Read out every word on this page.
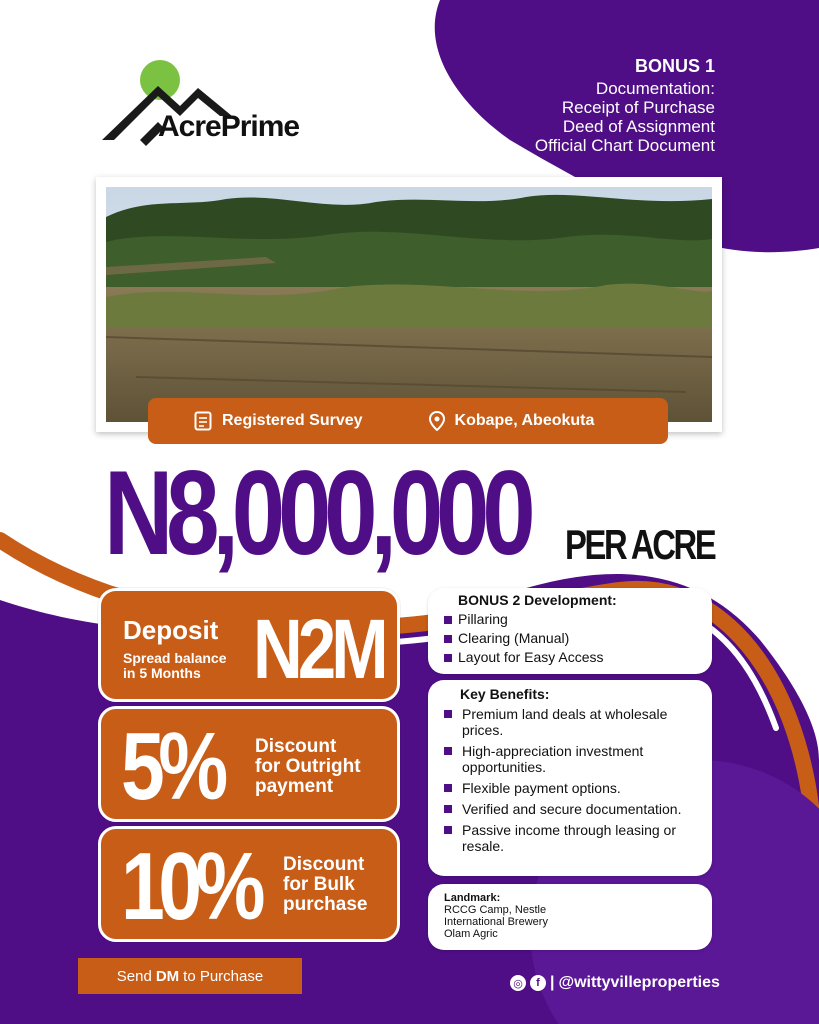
AcrePrime
BONUS 1
Documentation:
Receipt of Purchase
Deed of Assignment
Official Chart Document
Registered Survey	Kobape, Abeokuta
N8,000,000 PER ACRE
Deposit
Spread balance
in 5 Months N2M
5% Discount
for Outright
payment
10% Discount
for Bulk
purchase
BONUS 2 Development:
Pillaring
Clearing (Manual)
Layout for Easy Access
Key Benefits:
Premium land deals at wholesale prices.
High-appreciation investment opportunities.
Flexible payment options.
Verified and secure documentation.
Passive income through leasing or resale.
Landmark:
RCCG Camp, Nestle
International Brewery
Olam Agric
Send DM to Purchase	◎	f | @wittyvilleproperties
